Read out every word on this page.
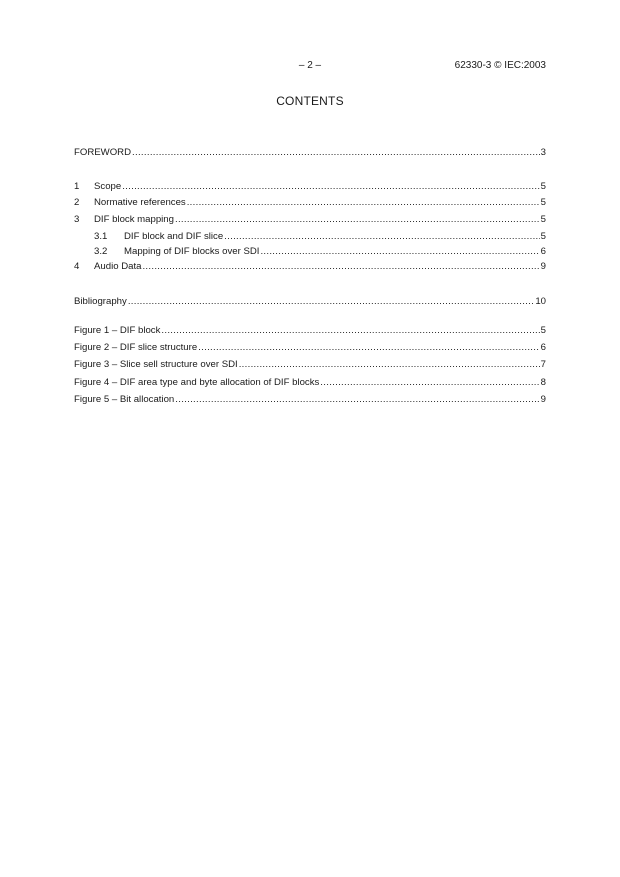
– 2 –	62330-3 © IEC:2003
CONTENTS
FOREWORD .....	3
1	Scope .....	5
2	Normative references .....	5
3	DIF block mapping .....	5
3.1	DIF block and DIF slice .....	5
3.2	Mapping of DIF blocks over SDI .....	6
4	Audio Data .....	9
Bibliography .....	10
Figure 1 – DIF block .....	5
Figure 2 – DIF slice structure .....	6
Figure 3 – Slice sell structure over SDI .....	7
Figure 4 – DIF area type and byte allocation of DIF blocks .....	8
Figure 5 – Bit allocation .....	9
